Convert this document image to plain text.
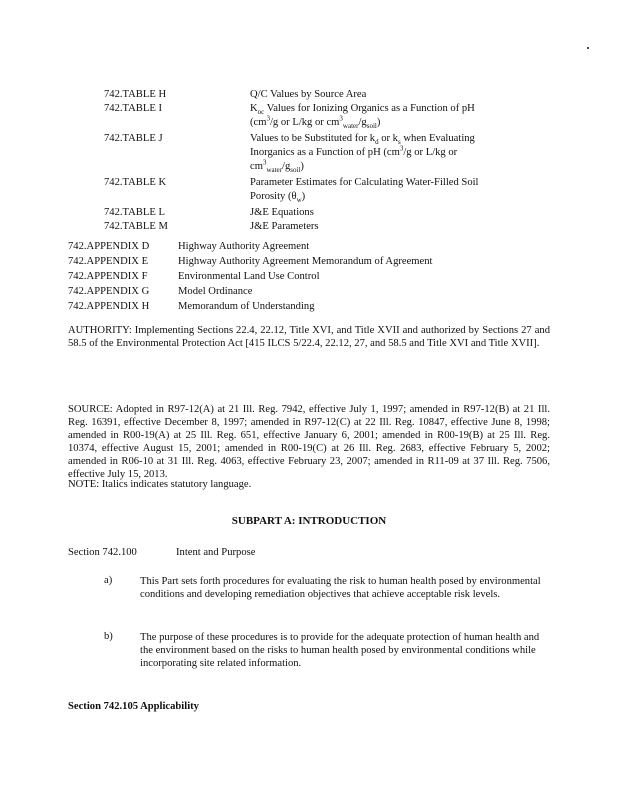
742.TABLE H	Q/C Values by Source Area
742.TABLE I	$K_{oc}$ Values for Ionizing Organics as a Function of pH
($cm^3/g$ or L/kg or $cm^3_{water}/g_{soil}$)
742.TABLE J	Values to be Substituted for $k_d$ or $k_s$ when Evaluating
Inorganics as a Function of pH ($cm^3/g$ or L/kg or
$cm^3_{water}/g_{soil}$)
742.TABLE K	Parameter Estimates for Calculating Water-Filled Soil
Porosity $(\theta_w)$
742.TABLE L	J&E Equations
742.TABLE M	J&E Parameters
742.APPENDIX D	Highway Authority Agreement
742.APPENDIX E	Highway Authority Agreement Memorandum of Agreement
742.APPENDIX F	Environmental Land Use Control
742.APPENDIX G	Model Ordinance
742.APPENDIX H	Memorandum of Understanding
AUTHORITY: Implementing Sections 22.4, 22.12, Title XVI, and Title XVII and authorized by Sections 27 and 58.5 of the Environmental Protection Act [415 ILCS 5/22.4, 22.12, 27, and 58.5 and Title XVI and Title XVII].
SOURCE: Adopted in R97-12(A) at 21 Ill. Reg. 7942, effective July 1, 1997; amended in R97-12(B) at 21 Ill. Reg. 16391, effective December 8, 1997; amended in R97-12(C) at 22 Ill. Reg. 10847, effective June 8, 1998; amended in R00-19(A) at 25 Ill. Reg. 651, effective January 6, 2001; amended in R00-19(B) at 25 Ill. Reg. 10374, effective August 15, 2001; amended in R00-19(C) at 26 Ill. Reg. 2683, effective February 5, 2002; amended in R06-10 at 31 Ill. Reg. 4063, effective February 23, 2007; amended in R11-09 at 37 Ill. Reg. 7506, effective July 15, 2013.
NOTE: Italics indicates statutory language.
SUBPART A: INTRODUCTION
Section 742.100	Intent and Purpose
a)	This Part sets forth procedures for evaluating the risk to human health posed by environmental conditions and developing remediation objectives that achieve acceptable risk levels.
b)	The purpose of these procedures is to provide for the adequate protection of human health and the environment based on the risks to human health posed by environmental conditions while incorporating site related information.
Section 742.105 Applicability
